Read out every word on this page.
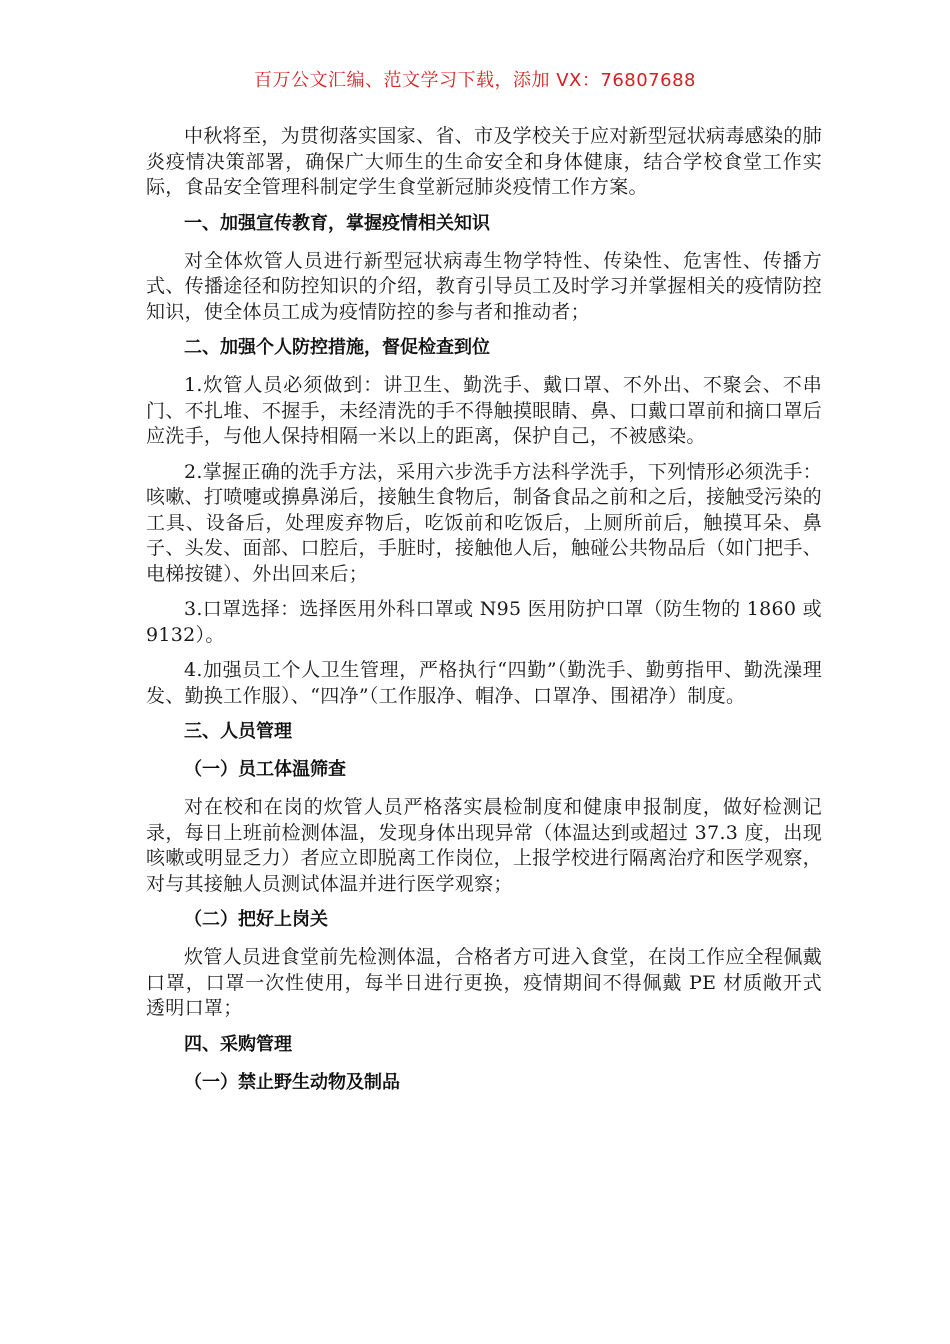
百万公文汇编、范文学习下载，添加 VX：76807688

中秋将至，为贯彻落实国家、省、市及学校关于应对新型冠状病毒感染的肺炎疫情决策部署，确保广大师生的生命安全和身体健康，结合学校食堂工作实际，食品安全管理科制定学生食堂新冠肺炎疫情工作方案。

一、加强宣传教育，掌握疫情相关知识

对全体炊管人员进行新型冠状病毒生物学特性、传染性、危害性、传播方式、传播途径和防控知识的介绍，教育引导员工及时学习并掌握相关的疫情防控知识，使全体员工成为疫情防控的参与者和推动者；

二、加强个人防控措施，督促检查到位

1.炊管人员必须做到：讲卫生、勤洗手、戴口罩、不外出、不聚会、不串门、不扎堆、不握手，未经清洗的手不得触摸眼睛、鼻、口戴口罩前和摘口罩后应洗手，与他人保持相隔一米以上的距离，保护自己，不被感染。

2.掌握正确的洗手方法，采用六步洗手方法科学洗手，下列情形必须洗手：咳嗽、打喷嚏或擤鼻涕后，接触生食物后，制备食品之前和之后，接触受污染的工具、设备后，处理废弃物后，吃饭前和吃饭后，上厕所前后，触摸耳朵、鼻子、头发、面部、口腔后，手脏时，接触他人后，触碰公共物品后（如门把手、电梯按键）、外出回来后；

3.口罩选择：选择医用外科口罩或 N95 医用防护口罩（防生物的 1860 或 9132）。

4.加强员工个人卫生管理，严格执行“四勤”（勤洗手、勤剪指甲、勤洗澡理发、勤换工作服）、“四净”（工作服净、帽净、口罩净、围裙净）制度。

三、人员管理
（一）员工体温筛查

对在校和在岗的炊管人员严格落实晨检制度和健康申报制度，做好检测记录，每日上班前检测体温，发现身体出现异常（体温达到或超过 37.3 度，出现咳嗽或明显乏力）者应立即脱离工作岗位，上报学校进行隔离治疗和医学观察，对与其接触人员测试体温并进行医学观察；

（二）把好上岗关

炊管人员进食堂前先检测体温，合格者方可进入食堂，在岗工作应全程佩戴口罩，口罩一次性使用，每半日进行更换，疫情期间不得佩戴 PE 材质敞开式透明口罩；

四、采购管理
（一）禁止野生动物及制品
